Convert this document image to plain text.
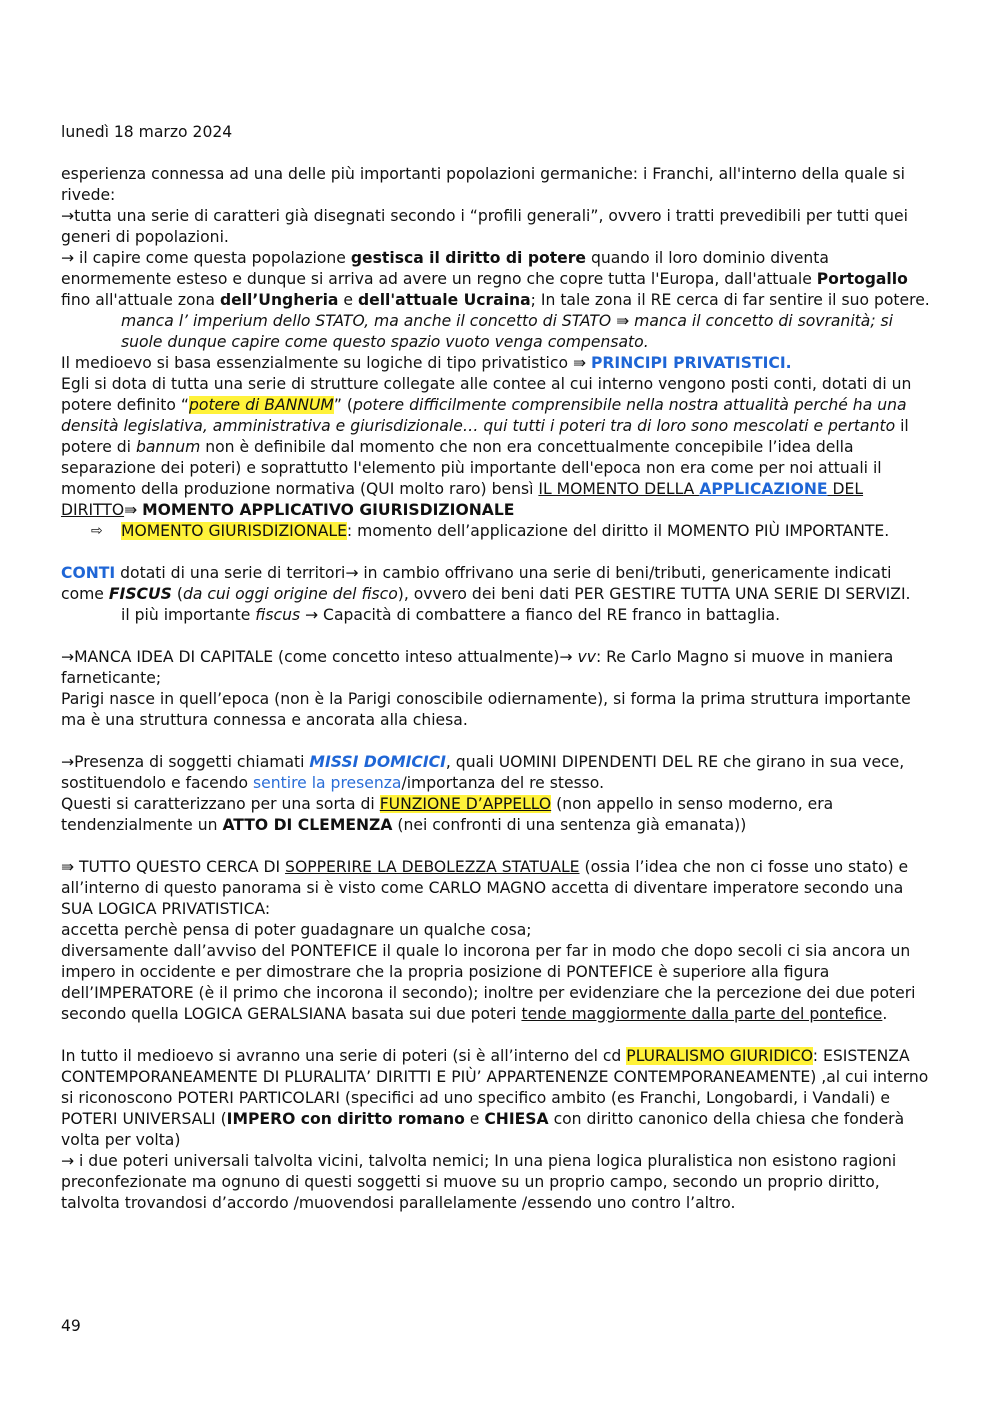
lunedì 18 marzo 2024

esperienza connessa ad una delle più importanti popolazioni germaniche: i Franchi, all'interno della quale si rivede:

→tutta una serie di caratteri già disegnati secondo i “profili generali”, ovvero i tratti prevedibili per tutti quei generi di popolazioni.

→ il capire come questa popolazione gestisca il diritto di potere quando il loro dominio diventa enormemente esteso e dunque si arriva ad avere un regno che copre tutta l'Europa, dall'attuale Portogallo fino all'attuale zona dell’Ungheria e dell'attuale Ucraina; In tale zona il RE cerca di far sentire il suo potere.

manca l’ imperium dello STATO, ma anche il concetto di STATO ⇛ manca il concetto di sovranità; si suole dunque capire come questo spazio vuoto venga compensato.

Il medioevo si basa essenzialmente su logiche di tipo privatistico ⇛ PRINCIPI PRIVATISTICI.

Egli si dota di tutta una serie di strutture collegate alle contee al cui interno vengono posti conti, dotati di un potere definito “potere di BANNUM” (potere difficilmente comprensibile nella nostra attualità perché ha una densità legislativa, amministrativa e giurisdizionale… qui tutti i poteri tra di loro sono mescolati e pertanto il potere di bannum non è definibile dal momento che non era concettualmente concepibile l’idea della separazione dei poteri) e soprattutto l'elemento più importante dell'epoca non era come per noi attuali il momento della produzione normativa (QUI molto raro) bensì IL MOMENTO DELLA APPLICAZIONE DEL DIRITTO⇛ MOMENTO APPLICATIVO GIURISDIZIONALE

⇨	MOMENTO GIURISDIZIONALE: momento dell’applicazione del diritto il MOMENTO PIÙ IMPORTANTE.

CONTI dotati di una serie di territori→ in cambio offrivano una serie di beni/tributi, genericamente indicati come FISCUS (da cui oggi origine del fisco), ovvero dei beni dati PER GESTIRE TUTTA UNA SERIE DI SERVIZI.

il più importante fiscus → Capacità di combattere a fianco del RE franco in battaglia.

→MANCA IDEA DI CAPITALE (come concetto inteso attualmente)→ vv: Re Carlo Magno si muove in maniera farneticante;

Parigi nasce in quell’epoca (non è la Parigi conoscibile odiernamente), si forma la prima struttura importante ma è una struttura connessa e ancorata alla chiesa.

→Presenza di soggetti chiamati MISSI DOMICICI, quali UOMINI DIPENDENTI DEL RE che girano in sua vece, sostituendolo e facendo sentire la presenza/importanza del re stesso.

Questi si caratterizzano per una sorta di FUNZIONE D’APPELLO (non appello in senso moderno, era tendenzialmente un ATTO DI CLEMENZA (nei confronti di una sentenza già emanata))

⇛ TUTTO QUESTO CERCA DI SOPPERIRE LA DEBOLEZZA STATUALE (ossia l’idea che non ci fosse uno stato) e all’interno di questo panorama si è visto come CARLO MAGNO accetta di diventare imperatore secondo una SUA LOGICA PRIVATISTICA:

accetta perchè pensa di poter guadagnare un qualche cosa;

diversamente dall’avviso del PONTEFICE il quale lo incorona per far in modo che dopo secoli ci sia ancora un impero in occidente e per dimostrare che la propria posizione di PONTEFICE è superiore alla figura dell’IMPERATORE (è il primo che incorona il secondo); inoltre per evidenziare che la percezione dei due poteri secondo quella LOGICA GERALSIANA basata sui due poteri tende maggiormente dalla parte del pontefice.

In tutto il medioevo si avranno una serie di poteri (si è all’interno del cd PLURALISMO GIURIDICO: ESISTENZA CONTEMPORANEAMENTE DI PLURALITA’ DIRITTI E PIÙ’ APPARTENENZE CONTEMPORANEAMENTE) ,al cui interno si riconoscono POTERI PARTICOLARI (specifici ad uno specifico ambito (es Franchi, Longobardi, i Vandali) e POTERI UNIVERSALI (IMPERO con diritto romano e CHIESA con diritto canonico della chiesa che fonderà volta per volta)

→ i due poteri universali talvolta vicini, talvolta nemici; In una piena logica pluralistica non esistono ragioni preconfezionate ma ognuno di questi soggetti si muove su un proprio campo, secondo un proprio diritto, talvolta trovandosi d’accordo /muovendosi parallelamente /essendo uno contro l’altro.

49
